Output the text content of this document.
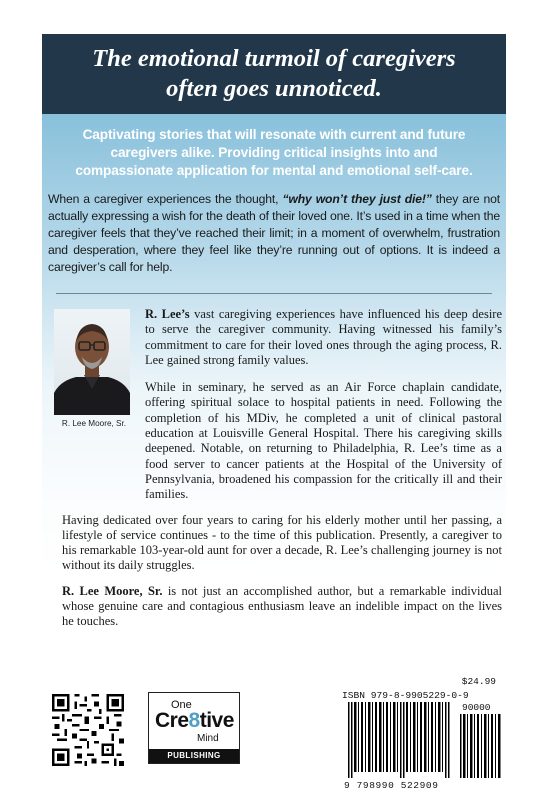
The emotional turmoil of caregivers
often goes unnoticed.
Captivating stories that will resonate with current and future
caregivers alike. Providing critical insights into and
compassionate application for mental and emotional self-care.
When a caregiver experiences the thought, “why won’t they just die!” they are not actually expressing a wish for the death of their loved one. It’s used in a time when the caregiver feels that they’ve reached their limit; in a moment of overwhelm, frustration and desperation, where they feel like they’re running out of options. It is indeed a caregiver’s call for help.
R. Lee Moore, Sr.

R. Lee’s vast caregiving experiences have influenced his deep desire to serve the caregiver community. Having witnessed his family’s commitment to care for their loved ones through the aging process, R. Lee gained strong family values.

While in seminary, he served as an Air Force chaplain candidate, offering spiritual solace to hospital patients in need. Following the completion of his MDiv, he completed a unit of clinical pastoral education at Louisville General Hospital. There his caregiving skills deepened. Notable, on returning to Philadelphia, R. Lee’s time as a food server to cancer patients at the Hospital of the University of Pennsylvania, broadened his compassion for the critically ill and their families.

Having dedicated over four years to caring for his elderly mother until her passing, a lifestyle of service continues - to the time of this publication. Presently, a caregiver to his remarkable 103-year-old aunt for over a decade, R. Lee’s challenging journey is not without its daily struggles.

R. Lee Moore, Sr. is not just an accomplished author, but a remarkable individual whose genuine care and contagious enthusiasm leave an indelible impact on the lives he touches.

One
Cre8tive
Mind
PUBLISHING
$24.99
ISBN 979-8-9905229-0-9
90000
9 798990 522909
